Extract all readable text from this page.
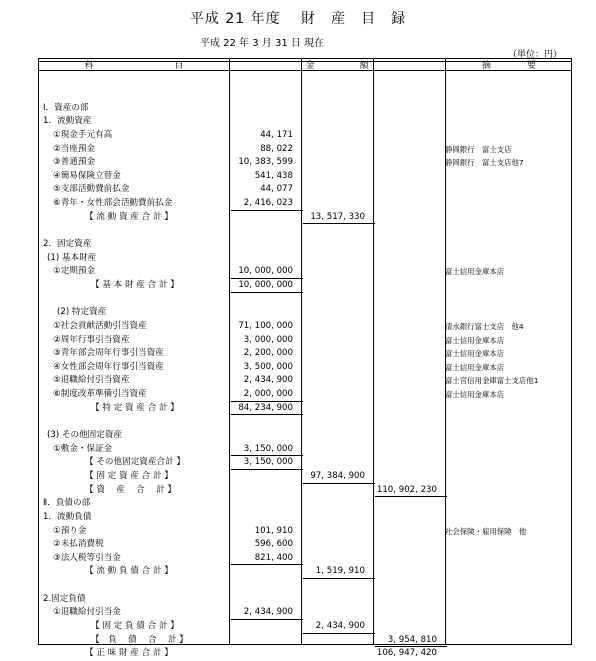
平成 21 年度　 財　産　目　録
平成 22 年 3 月 31 日 現在
（単位：円）
科　　　　　　　　　目	金　　　　　額	摘　　　　要
Ⅰ．資産の部
1．流動資産
①現金手元有高	44, 171
②当座預金	88, 022	静岡銀行　富士支店
③普通預金	10, 383, 599	静岡銀行　富士支店他7
④簡易保険立替金	541, 438
⑤支部活動費前払金	44, 077
⑥青年・女性部会活動費前払金	2, 416, 023
【 流 動 資 産 合 計 】	13, 517, 330
2．固定資産
(1) 基本財産
①定期預金	10, 000, 000	富士信用金庫本店
【 基 本 財 産 合 計 】	10, 000, 000
(2) 特定資産
①社会貢献活動引当資産	71, 100, 000	清水銀行富士支店　他4
②周年行事引当資産	3, 000, 000	富士信用金庫本店
③青年部会周年行事引当資産	2, 200, 000	富士信用金庫本店
④女性部会周年行事引当資産	3, 500, 000	富士信用金庫本店
⑤退職給付引当資産	2, 434, 900	富士宮信用金庫富士支店他1
⑥制度改革準備引当資産	2, 000, 000	富士信用金庫本店
【 特 定 資 産 合 計 】	84, 234, 900
(3) その他固定資産
①敷金・保証金	3, 150, 000
【 その他固定資産合計 】	3, 150, 000
【 固 定 資 産 合 計 】	97, 384, 900
【 資　 産 　合 　計 】	110, 902, 230
Ⅱ．負債の部
1．流動負債
①預り金	101, 910	社会保険・雇用保険　他
②未払消費税	596, 600
③法人税等引当金	821, 400
【 流 動 負 債 合 計 】	1, 519, 910
2.固定負債
①退職給付引当金	2, 434, 900
【 固 定 負 債 合 計 】	2, 434, 900
【　負　 債 　合　 計 】	3, 954, 810
【 正 味 財 産 合 計 】	106, 947, 420
